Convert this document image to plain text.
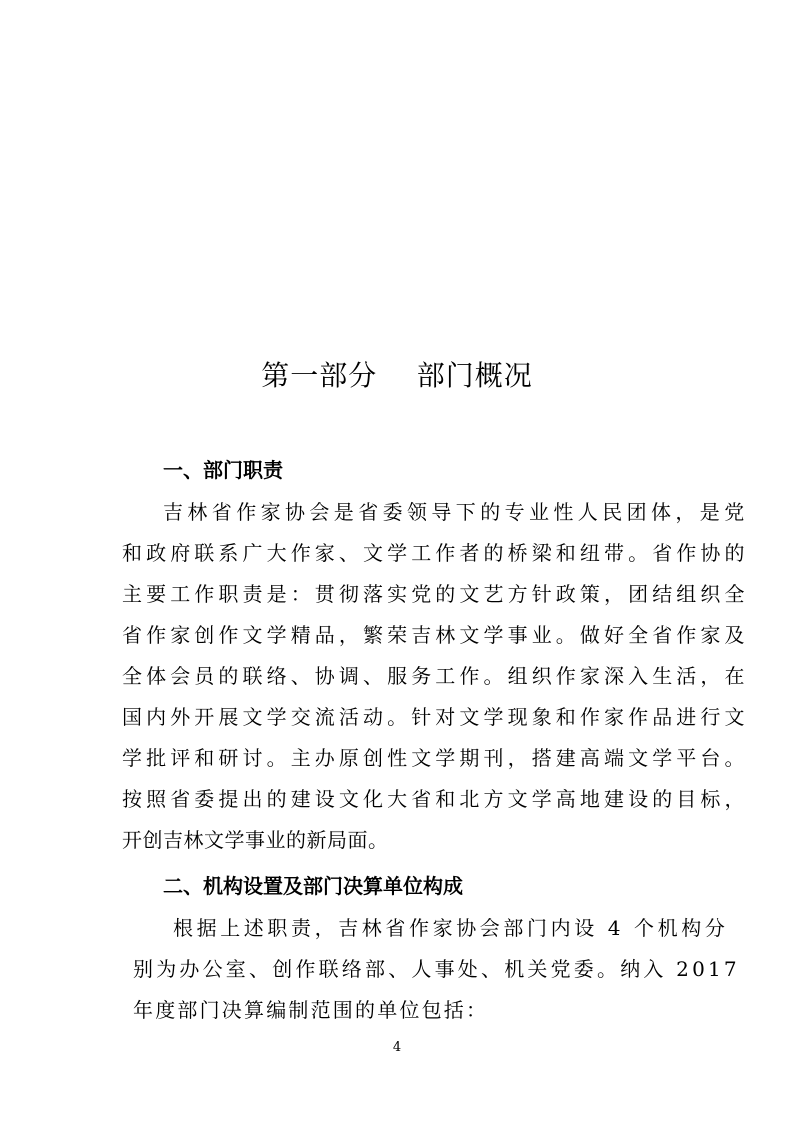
第一部分    部门概况
一、部门职责
吉林省作家协会是省委领导下的专业性人民团体，是党
和政府联系广大作家、文学工作者的桥梁和纽带。省作协的
主要工作职责是：贯彻落实党的文艺方针政策，团结组织全
省作家创作文学精品，繁荣吉林文学事业。做好全省作家及
全体会员的联络、协调、服务工作。组织作家深入生活，在
国内外开展文学交流活动。针对文学现象和作家作品进行文
学批评和研讨。主办原创性文学期刊，搭建高端文学平台。
按照省委提出的建设文化大省和北方文学高地建设的目标，
开创吉林文学事业的新局面。
二、机构设置及部门决算单位构成
根据上述职责，吉林省作家协会部门内设 4 个机构分
别为办公室、创作联络部、人事处、机关党委。纳入 2017
年度部门决算编制范围的单位包括：
4
